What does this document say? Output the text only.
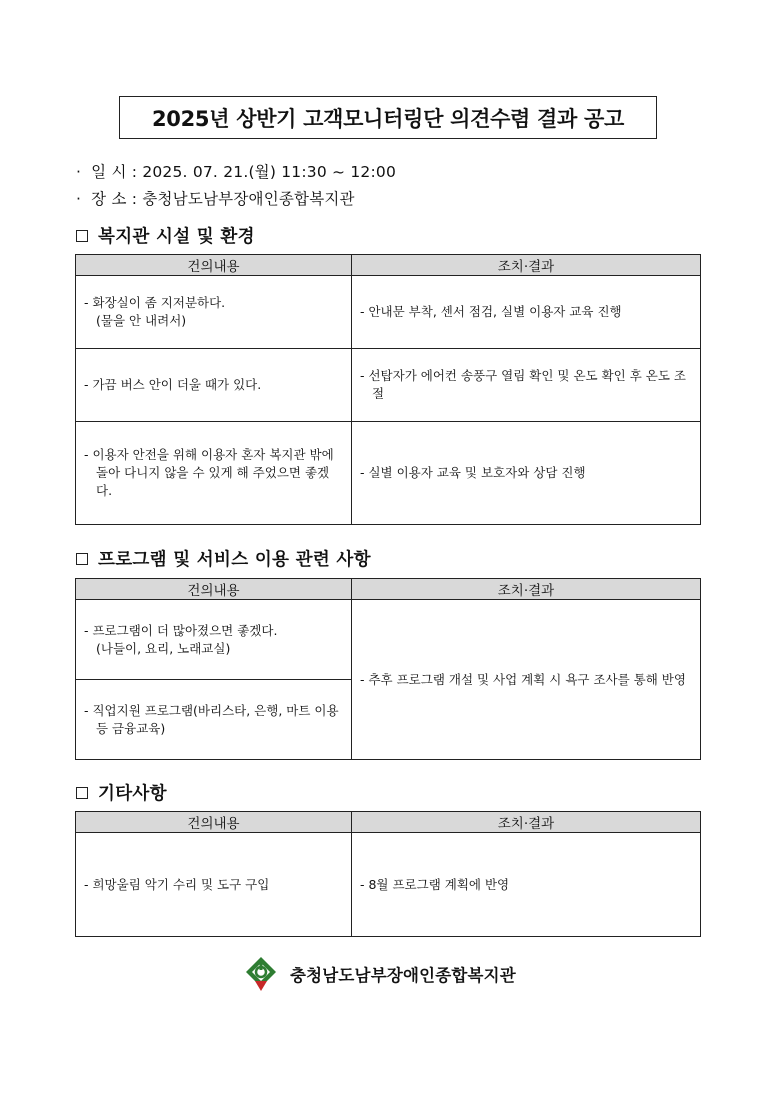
2025년 상반기 고객모니터링단 의견수렴 결과 공고
· 일 시 : 2025. 07. 21.(월) 11:30 ~ 12:00
· 장 소 : 충청남도남부장애인종합복지관
복지관 시설 및 환경
건의내용	조치·결과

- 화장실이 좀 지저분하다.
(물을 안 내려서)	- 안내문 부착, 센서 점검, 실별 이용자 교육 진행

- 가끔 버스 안이 더울 때가 있다.	- 선탑자가 에어컨 송풍구 열림 확인 및 온도 확인 후 온도 조절

- 이용자 안전을 위해 이용자 혼자 복지관 밖에 돌아 다니지 않을 수 있게 해 주었으면 좋겠다.	- 실별 이용자 교육 및 보호자와 상담 진행
프로그램 및 서비스 이용 관련 사항
건의내용	조치·결과

- 프로그램이 더 많아졌으면 좋겠다.
(나들이, 요리, 노래교실)	- 추후 프로그램 개설 및 사업 계획 시 욕구 조사를 통해 반영

- 직업지원 프로그램(바리스타, 은행, 마트 이용 등 금융교육)	
기타사항
건의내용	조치·결과

- 희망울림 악기 수리 및 도구 구입	- 8월 프로그램 계획에 반영
충청남도남부장애인종합복지관
